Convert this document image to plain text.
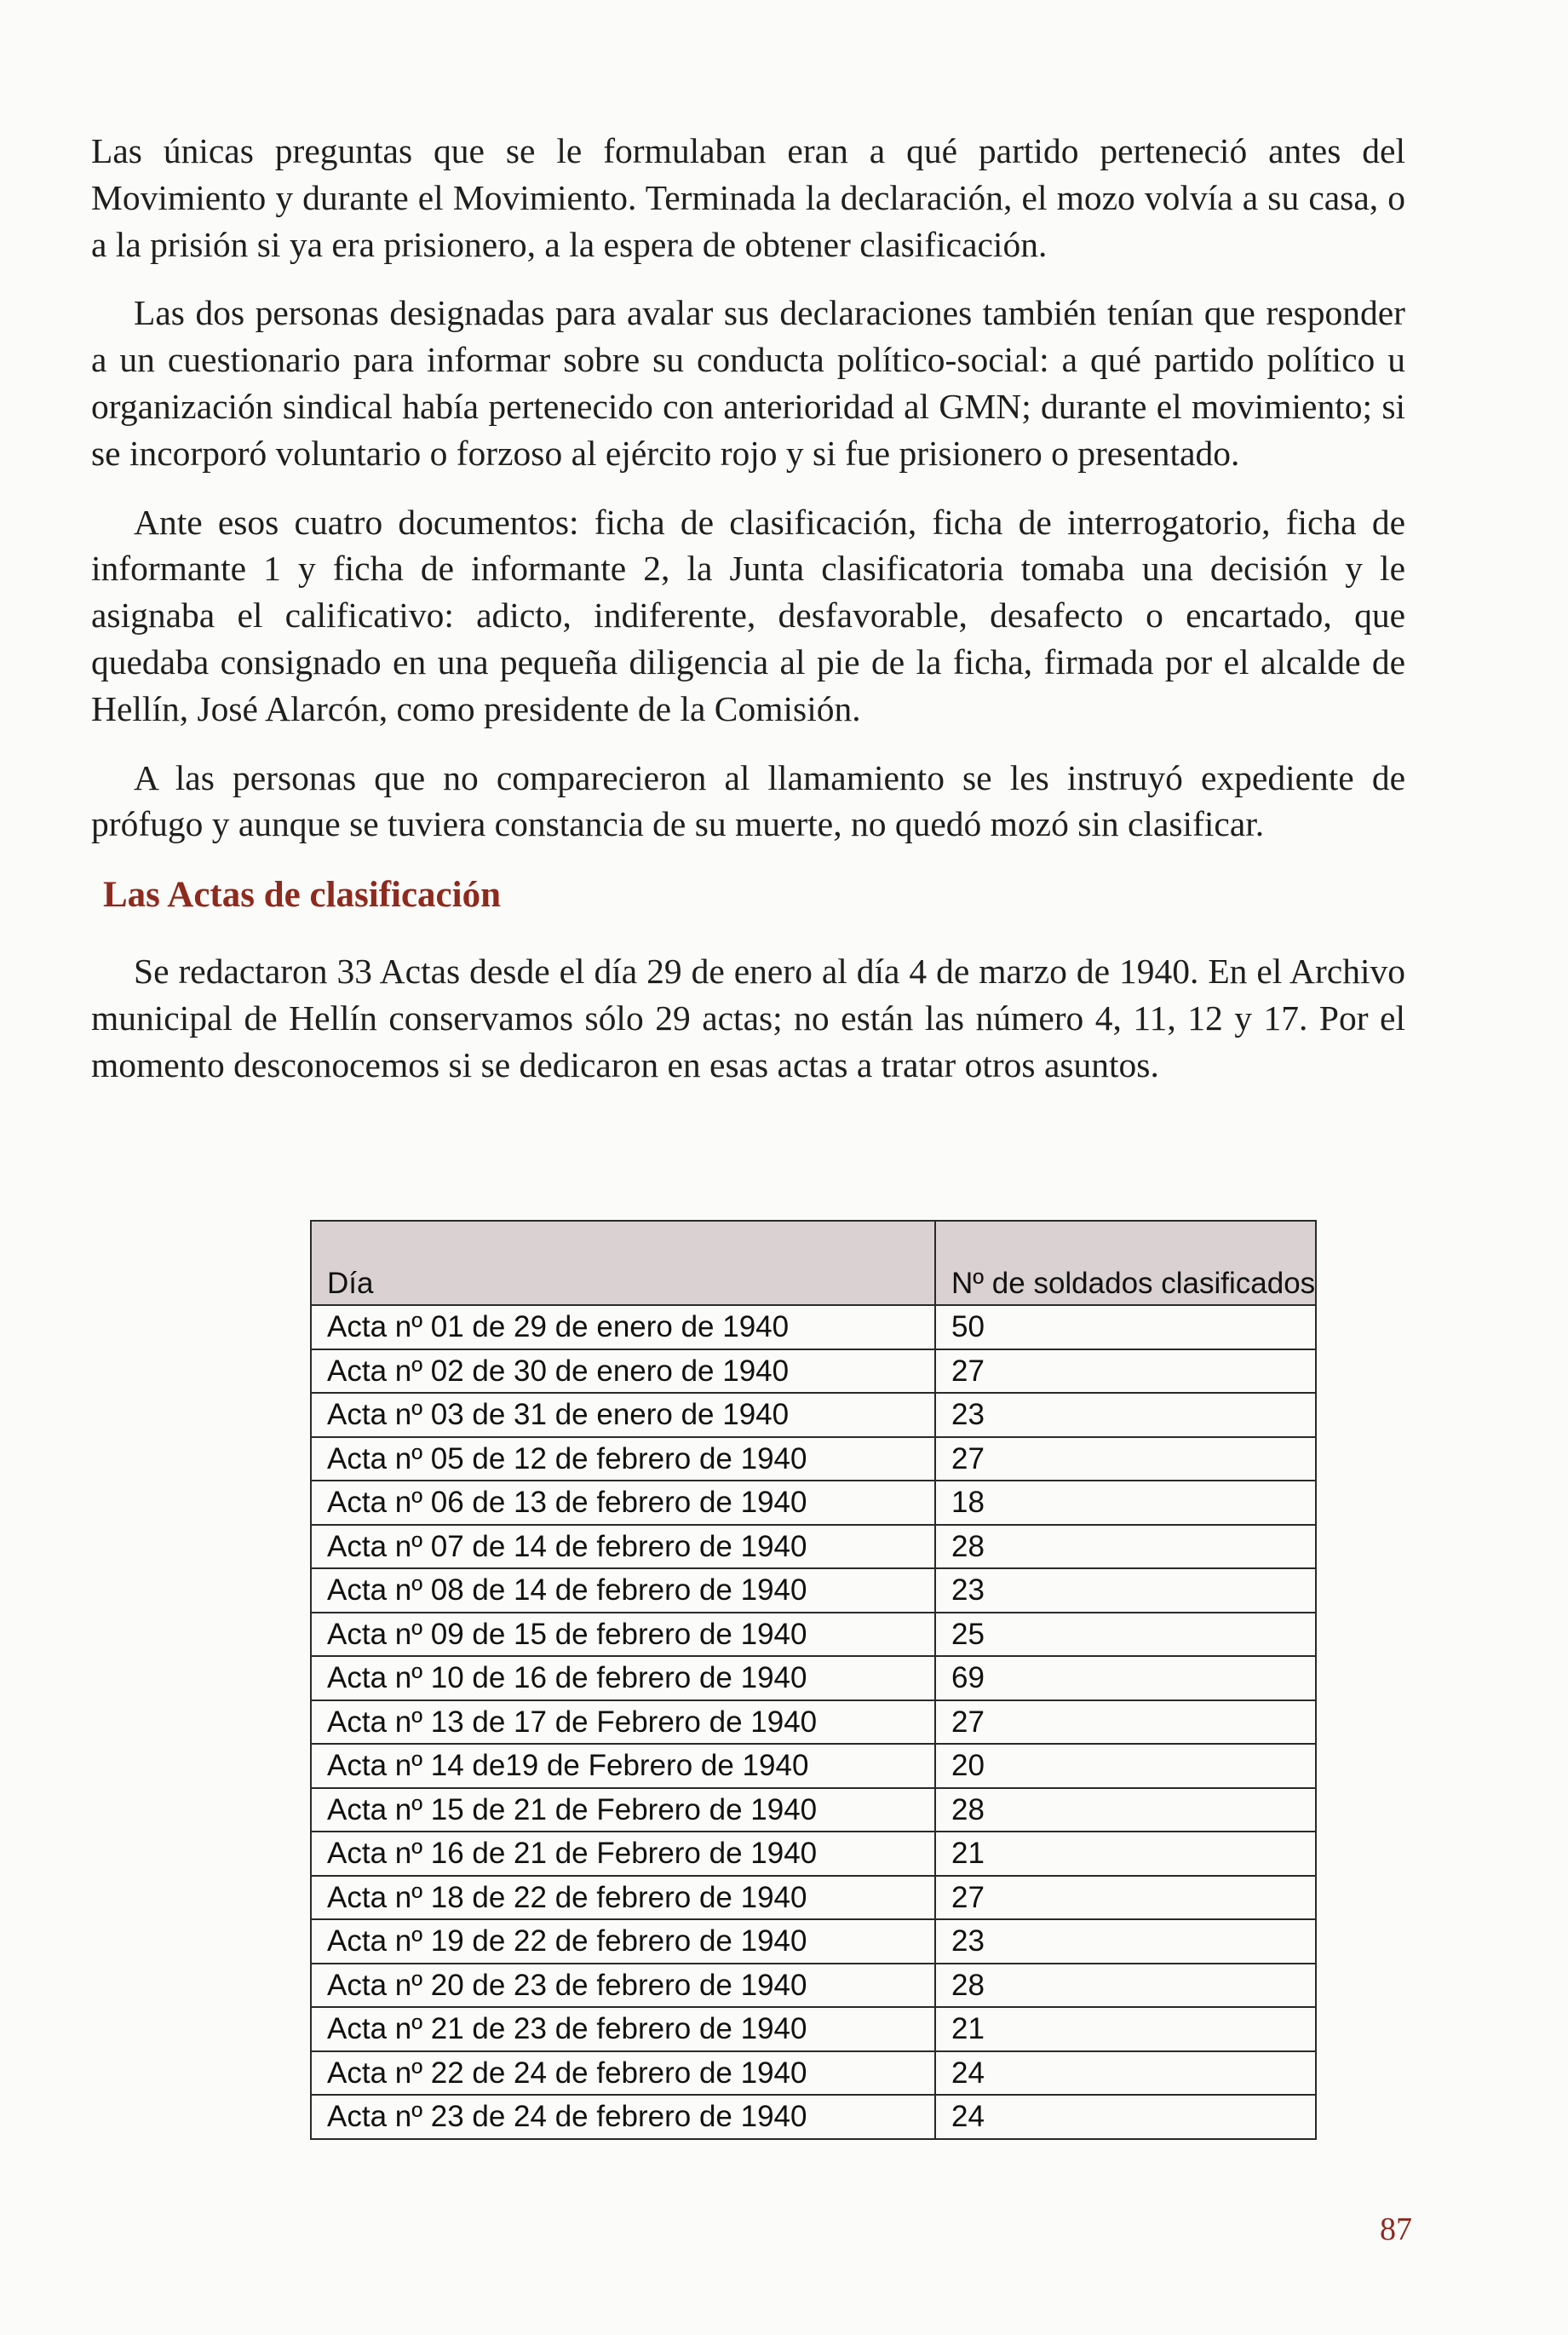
Las únicas preguntas que se le formulaban eran a qué partido perteneció antes del Movimiento y durante el Movimiento. Terminada la declaración, el mozo volvía a su casa, o a la prisión si ya era prisionero, a la espera de obtener clasificación.

Las dos personas designadas para avalar sus declaraciones también tenían que responder a un cuestionario para informar sobre su conducta político-social: a qué partido político u organización sindical había pertenecido con anterioridad al GMN; durante el movimiento; si se incorporó voluntario o forzoso al ejército rojo y si fue prisionero o presentado.

Ante esos cuatro documentos: ficha de clasificación, ficha de interrogatorio, ficha de informante 1 y ficha de informante 2, la Junta clasificatoria tomaba una decisión y le asignaba el calificativo: adicto, indiferente, desfavorable, desafecto o encartado, que quedaba consignado en una pequeña diligencia al pie de la ficha, firmada por el alcalde de Hellín, José Alarcón, como presidente de la Comisión.

A las personas que no comparecieron al llamamiento se les instruyó expediente de prófugo y aunque se tuviera constancia de su muerte, no quedó mozó sin clasificar.

Las Actas de clasificación

Se redactaron 33 Actas desde el día 29 de enero al día 4 de marzo de 1940. En el Archivo municipal de Hellín conservamos sólo 29 actas; no están las número 4, 11, 12 y 17. Por el momento desconocemos si se dedicaron en esas actas a tratar otros asuntos.

Día	Nº de soldados clasificados
Acta nº 01 de 29 de enero de 1940	50
Acta nº 02 de 30 de enero de 1940	27
Acta nº 03 de 31 de enero de 1940	23
Acta nº 05 de 12 de febrero de 1940	27
Acta nº 06 de 13 de febrero de 1940	18
Acta nº 07 de 14 de febrero de 1940	28
Acta nº 08 de 14 de febrero de 1940	23
Acta nº 09 de 15 de febrero de 1940	25
Acta nº 10 de 16 de febrero de 1940	69
Acta nº 13 de 17 de Febrero de 1940	27
Acta nº 14 de19 de Febrero de 1940	20
Acta nº 15 de 21 de Febrero de 1940	28
Acta nº 16 de 21 de Febrero de 1940	21
Acta nº 18 de 22 de febrero de 1940	27
Acta nº 19 de 22 de febrero de 1940	23
Acta nº 20 de 23 de febrero de 1940	28
Acta nº 21 de 23 de febrero de 1940	21
Acta nº 22 de 24 de febrero de 1940	24
Acta nº 23 de 24 de febrero de 1940	24
87
